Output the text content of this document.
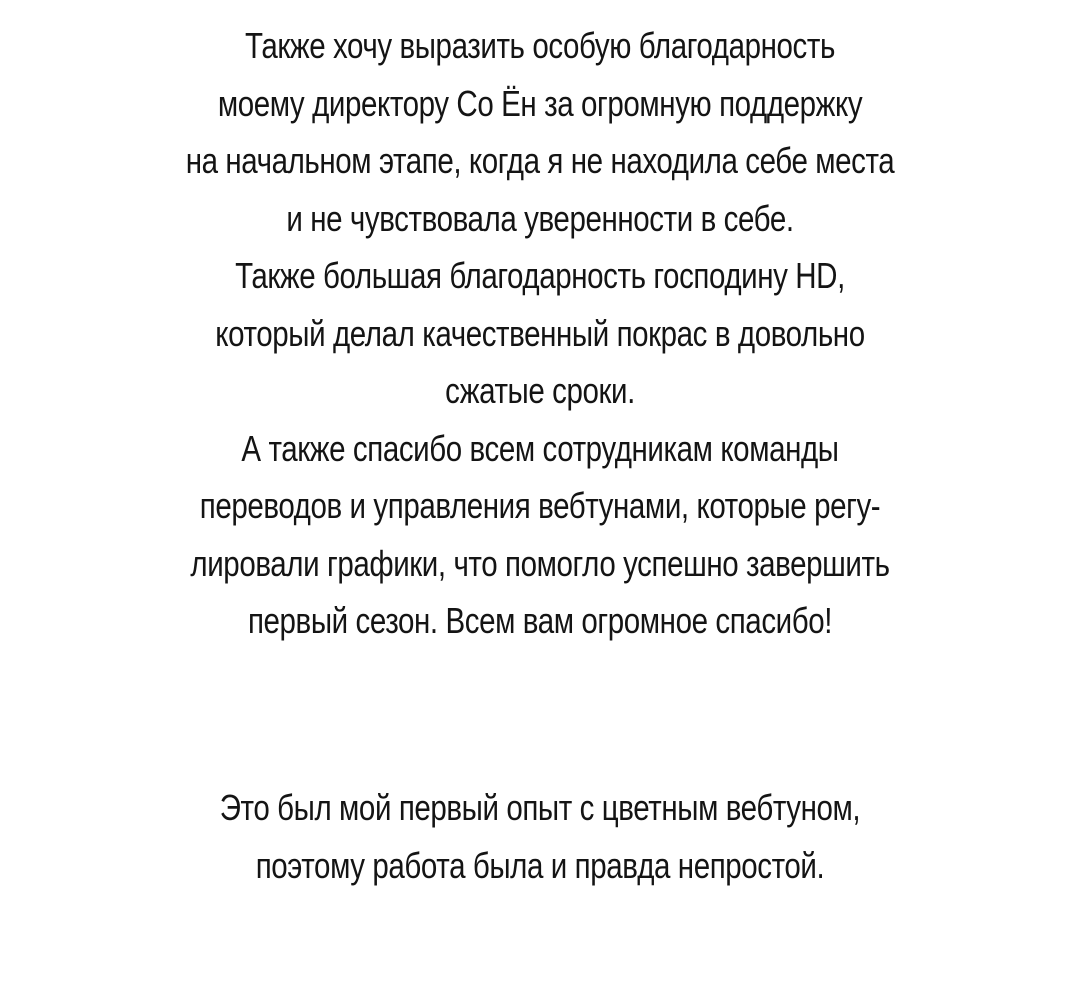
Также хочу выразить особую благодарность
моему директору Со Ён за огромную поддержку
на начальном этапе, когда я не находила себе места
и не чувствовала уверенности в себе.
Также большая благодарность господину HD,
который делал качественный покрас в довольно
сжатые сроки.
А также спасибо всем сотрудникам команды
переводов и управления вебтунами, которые регу-
лировали графики, что помогло успешно завершить
первый сезон. Всем вам огромное спасибо!

Это был мой первый опыт с цветным вебтуном,
поэтому работа была и правда непростой.
